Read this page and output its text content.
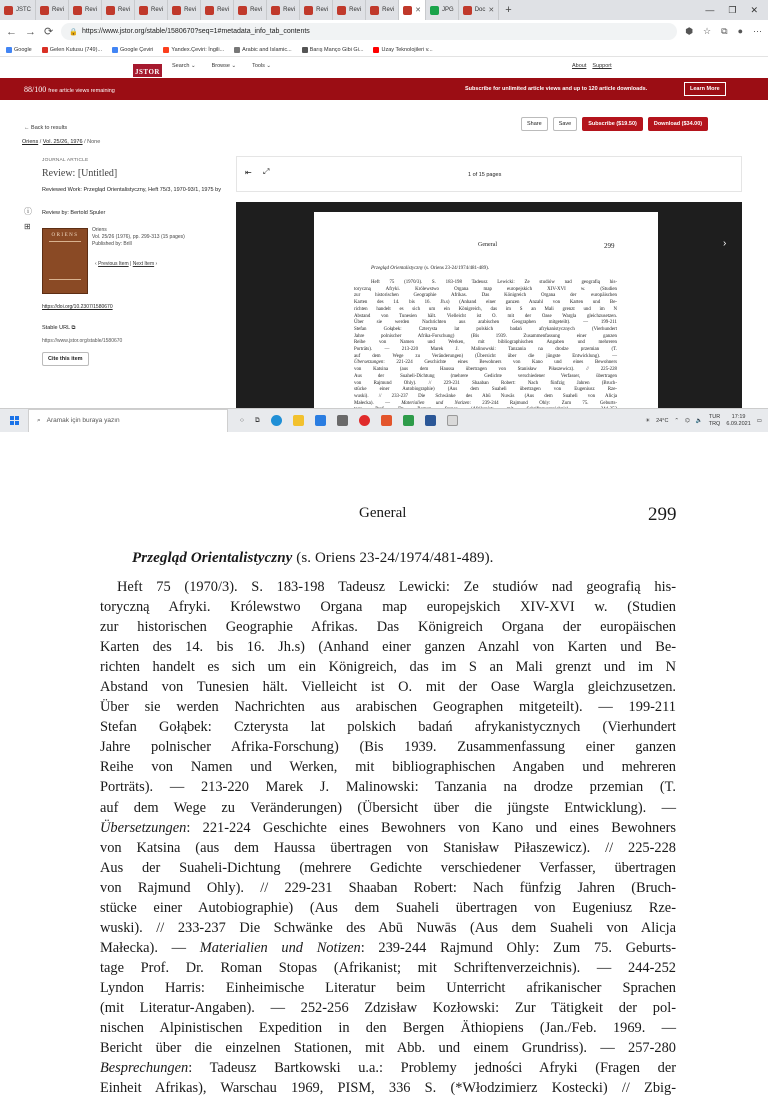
JSTC	Revi	Revi	Revi	Revi	Revi	Revi	Revi	Revi	Revi	Revi	Revi	✕	JPG	Doc ✕	+	— ❐ ✕
← → ⟳ 🔒 https://www.jstor.org/stable/1580670?seq=1#metadata_info_tab_contents	⬢ ☆ ⧉ ● ⋯
Google	Gelen Kutusu (749)...	Google Çeviri	Yandex.Çeviri: İngili...	Arabic and Islamic...	Barış Manço Gibi Gi...	Uzay Teknolojileri v...
JSTOR
Search ⌄	Browse ⌄	Tools ⌄	About Support
88/100 free article views remaining	Subscribe for unlimited article views and up to 120 article downloads.	Learn More
← Back to results
Oriens / Vol. 25/26, 1976 / None
Share	Save	Subscribe ($19.50)	Download ($34.00)
JOURNAL ARTICLE
Review: [Untitled]
Reviewed Work: Przegląd Orientalistyczny, Heft 75/3, 1970-93/1, 1975 by
Review by: Bertold Spuler
ⓘ
⊞
ORIENS
Oriens
Vol. 25/26 (1976), pp. 299-313 (15 pages)
Published by: Brill
‹ Previous Item | Next Item ›
https://doi.org/10.2307/1580670
Stable URL ⧉
https://www.jstor.org/stable/1580670
Cite this item
⇤ ⤢	1 of 15 pages
›
General	299
Przegląd Orientalistyczny (s. Oriens 23-24/1974/481-489).
Heft 75 (1970/3). S. 183-198 Tadeusz Lewicki: Ze studiów nad geografią his-
toryczną Afryki. Królewstwo Organa map europejskich XIV-XVI w. (Studien
zur historischen Geographie Afrikas. Das Königreich Organa der europäischen
Karten des 14. bis 16. Jh.s) (Anhand einer ganzen Anzahl von Karten und Be-
richten handelt es sich um ein Königreich, das im S an Mali grenzt und im N
Abstand von Tunesien hält. Vielleicht ist O. mit der Oase Wargla gleichzusetzen.
Über sie werden Nachrichten aus arabischen Geographen mitgeteilt). — 199-211
Stefan Gołąbek: Czterysta lat polskich badań afrykanistycznych (Vierhundert
Jahre polnischer Afrika-Forschung) (Bis 1939. Zusammenfassung einer ganzen
Reihe von Namen und Werken, mit bibliographischen Angaben und mehreren
Porträts). — 213-220 Marek J. Malinowski: Tanzania na drodze przemian (T.
auf dem Wege zu Veränderungen) (Übersicht über die jüngste Entwicklung). —
Übersetzungen: 221-224 Geschichte eines Bewohners von Kano und eines Bewohners
von Katsina (aus dem Haussa übertragen von Stanisław Piłaszewicz). // 225-228
Aus der Suaheli-Dichtung (mehrere Gedichte verschiedener Verfasser, übertragen
von Rajmund Ohly). // 229-231 Shaaban Robert: Nach fünfzig Jahren (Bruch-
stücke einer Autobiographie) (Aus dem Suaheli übertragen von Eugeniusz Rze-
wuski). // 233-237 Die Schwänke des Abū Nuwās (Aus dem Suaheli von Alicja
Małecka). — Materialien und Notizen: 239-244 Rajmund Ohly: Zum 75. Geburts-
⌕ Aramak için buraya yazın	○ ⧉	☀ 24°C ⌃ ⌬ 🔈
TUR
TRQ
17:19
6.09.2021 ▭
General	299
Przegląd Orientalistyczny (s. Oriens 23-24/1974/481-489).
Heft 75 (1970/3). S. 183-198 Tadeusz Lewicki: Ze studiów nad geografią his-
toryczną Afryki. Królewstwo Organa map europejskich XIV-XVI w. (Studien
zur historischen Geographie Afrikas. Das Königreich Organa der europäischen
Karten des 14. bis 16. Jh.s) (Anhand einer ganzen Anzahl von Karten und Be-
richten handelt es sich um ein Königreich, das im S an Mali grenzt und im N
Abstand von Tunesien hält. Vielleicht ist O. mit der Oase Wargla gleichzusetzen.
Über sie werden Nachrichten aus arabischen Geographen mitgeteilt). — 199-211
Stefan Gołąbek: Czterysta lat polskich badań afrykanistycznych (Vierhundert
Jahre polnischer Afrika-Forschung) (Bis 1939. Zusammenfassung einer ganzen
Reihe von Namen und Werken, mit bibliographischen Angaben und mehreren
Porträts). — 213-220 Marek J. Malinowski: Tanzania na drodze przemian (T.
auf dem Wege zu Veränderungen) (Übersicht über die jüngste Entwicklung). —
Übersetzungen: 221-224 Geschichte eines Bewohners von Kano und eines Bewohners
von Katsina (aus dem Haussa übertragen von Stanisław Piłaszewicz). // 225-228
Aus der Suaheli-Dichtung (mehrere Gedichte verschiedener Verfasser, übertragen
von Rajmund Ohly). // 229-231 Shaaban Robert: Nach fünfzig Jahren (Bruch-
stücke einer Autobiographie) (Aus dem Suaheli übertragen von Eugeniusz Rze-
wuski). // 233-237 Die Schwänke des Abū Nuwās (Aus dem Suaheli von Alicja
Małecka). — Materialien und Notizen: 239-244 Rajmund Ohly: Zum 75. Geburts-
tage Prof. Dr. Roman Stopas (Afrikanist; mit Schriftenverzeichnis). — 244-252
Lyndon Harris: Einheimische Literatur beim Unterricht afrikanischer Sprachen
(mit Literatur-Angaben). — 252-256 Zdzisław Kozłowski: Zur Tätigkeit der pol-
nischen Alpinistischen Expedition in den Bergen Äthiopiens (Jan./Feb. 1969. —
Bericht über die einzelnen Stationen, mit Abb. und einem Grundriss). — 257-280
Besprechungen: Tadeusz Bartkowski u.a.: Problemy jedności Afryki (Fragen der
Einheit Afrikas), Warschau 1969, PISM, 336 S. (*Włodzimierz Kostecki) // Zbig-
